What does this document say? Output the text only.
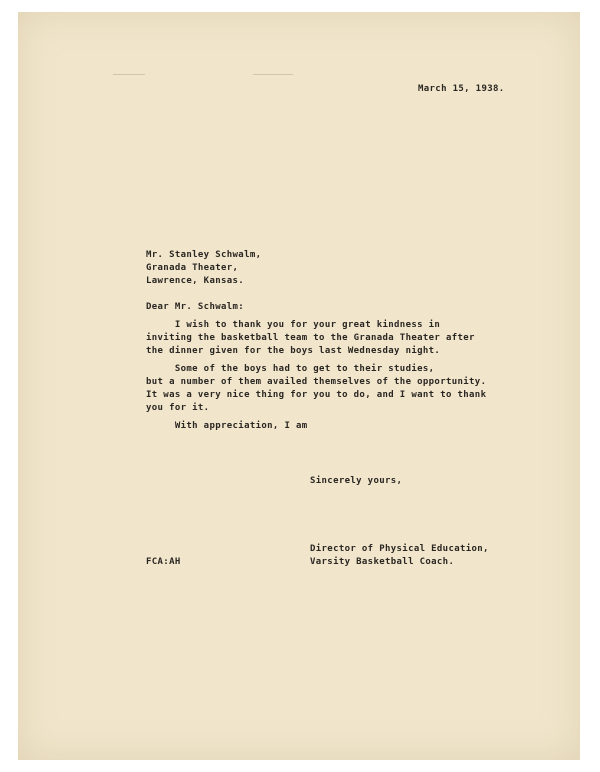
March 15, 1938.

Mr. Stanley Schwalm,

Granada Theater,

Lawrence, Kansas.

Dear Mr. Schwalm:

I wish to thank you for your great kindness in

inviting the basketball team to the Granada Theater after

the dinner given for the boys last Wednesday night.

Some of the boys had to get to their studies,

but a number of them availed themselves of the opportunity.

It was a very nice thing for you to do, and I want to thank

you for it.

With appreciation, I am

Sincerely yours,

Director of Physical Education,

Varsity Basketball Coach.

FCA:AH
